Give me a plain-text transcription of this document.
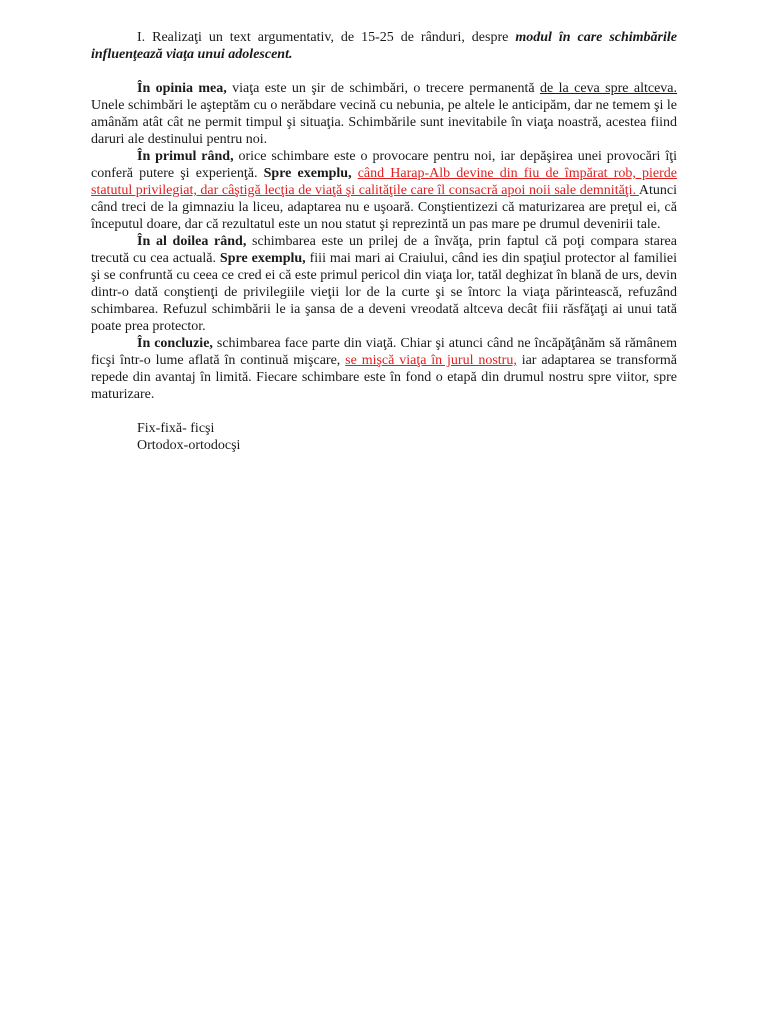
I. Realizaţi un text argumentativ, de 15-25 de rânduri, despre modul în care schimbările influenţează viaţa unui adolescent.

În opinia mea, viaţa este un şir de schimbări, o trecere permanentă de la ceva spre altceva. Unele schimbări le aşteptăm cu o nerăbdare vecină cu nebunia, pe altele le anticipăm, dar ne temem şi le amânăm atât cât ne permit timpul şi situaţia. Schimbările sunt inevitabile în viaţa noastră, acestea fiind daruri ale destinului pentru noi.

În primul rând, orice schimbare este o provocare pentru noi, iar depăşirea unei provocări îţi conferă putere şi experienţă. Spre exemplu, când Harap-Alb devine din fiu de împărat rob, pierde statutul privilegiat, dar câştigă lecţia de viaţă şi calităţile care îl consacră apoi noii sale demnităţi. Atunci când treci de la gimnaziu la liceu, adaptarea nu e uşoară. Conştientizezi că maturizarea are preţul ei, că începutul doare, dar că rezultatul este un nou statut şi reprezintă un pas mare pe drumul devenirii tale.

În al doilea rând, schimbarea este un prilej de a învăţa, prin faptul că poţi compara starea trecută cu cea actuală. Spre exemplu, fiii mai mari ai Craiului, când ies din spaţiul protector al familiei şi se confruntă cu ceea ce cred ei că este primul pericol din viaţa lor, tatăl deghizat în blană de urs, devin dintr-o dată conştienţi de privilegiile vieţii lor de la curte şi se întorc la viaţa părintească, refuzând schimbarea. Refuzul schimbării le ia şansa de a deveni vreodată altceva decât fiii răsfăţaţi ai unui tată poate prea protector.

În concluzie, schimbarea face parte din viaţă. Chiar şi atunci când ne încăpăţânăm să rămânem ficşi într-o lume aflată în continuă mişcare, se mişcă viaţa în jurul nostru, iar adaptarea se transformă repede din avantaj în limită. Fiecare schimbare este în fond o etapă din drumul nostru spre viitor, spre maturizare.

Fix-fixă- ficşi

Ortodox-ortodocşi
